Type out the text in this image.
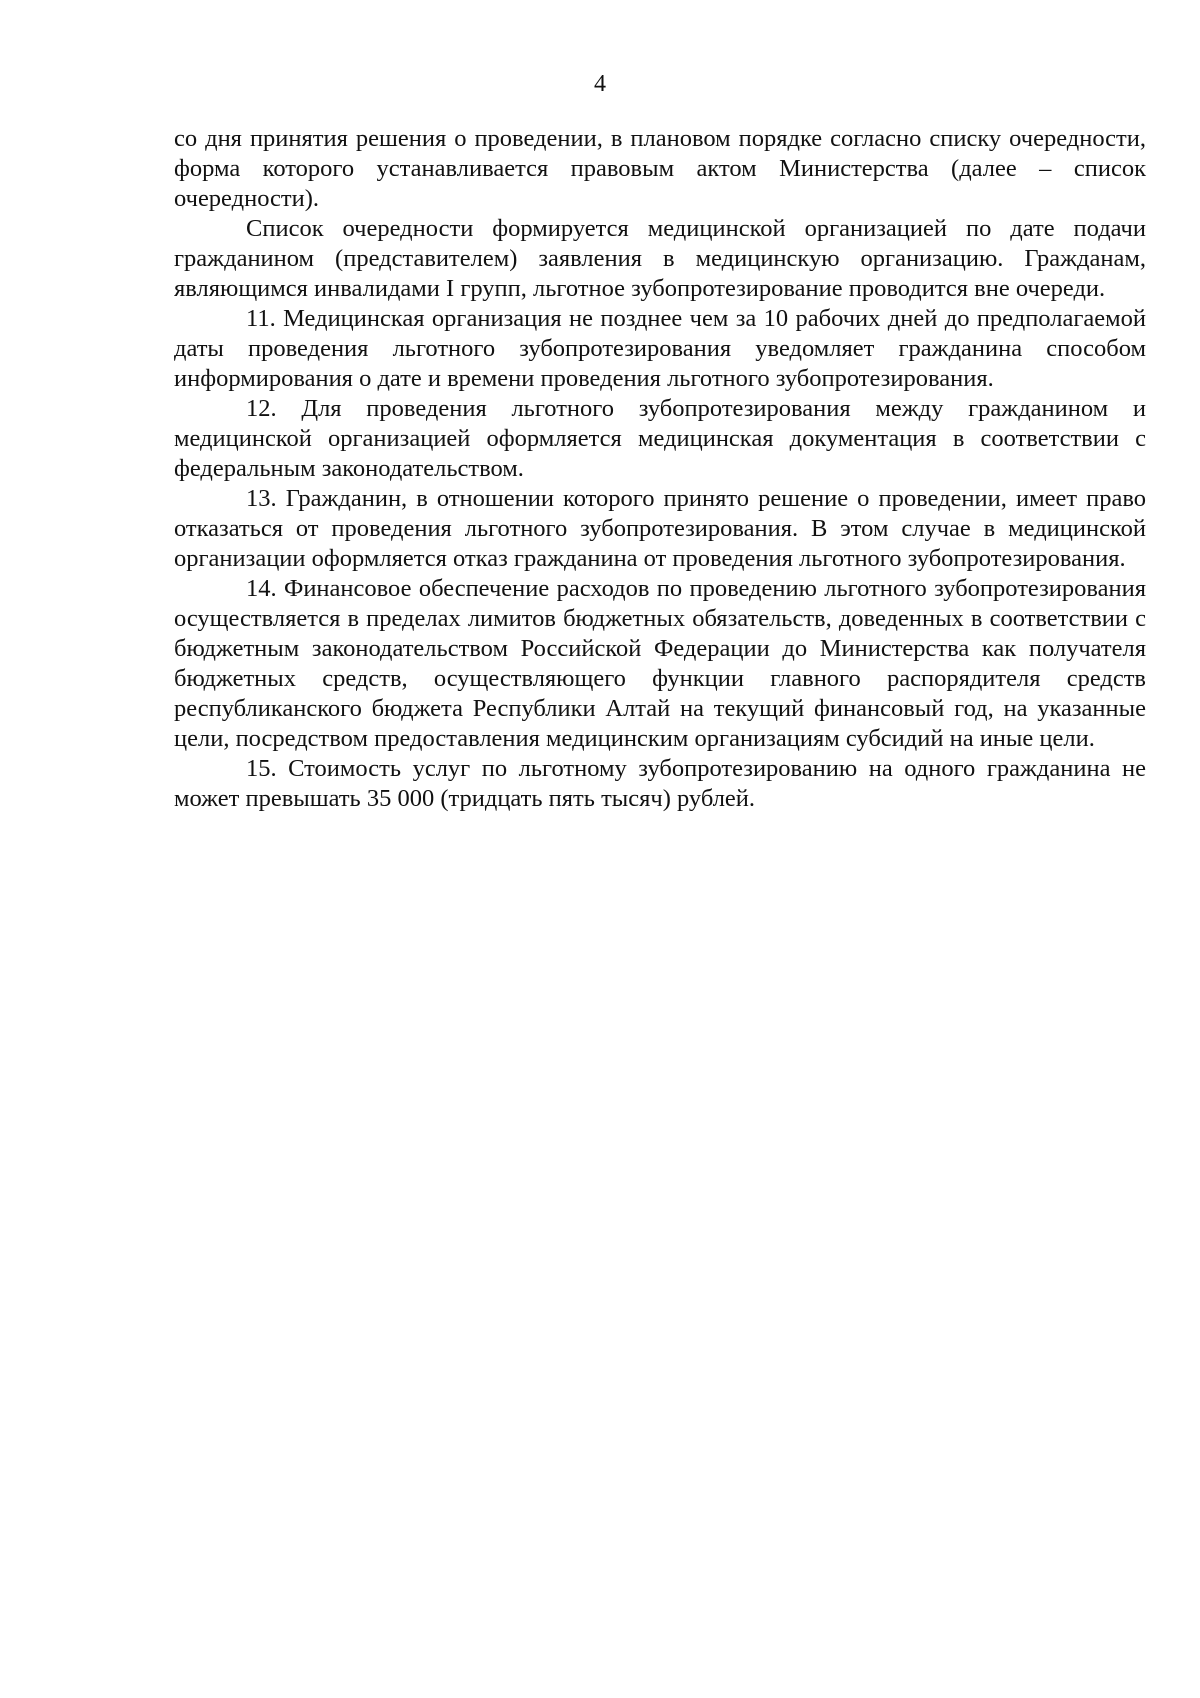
4

со дня принятия решения о проведении, в плановом порядке согласно списку очередности, форма которого устанавливается правовым актом Министерства (далее – список очередности).

Список очередности формируется медицинской организацией по дате подачи гражданином (представителем) заявления в медицинскую организацию. Гражданам, являющимся инвалидами I групп, льготное зубопротезирование проводится вне очереди.

11. Медицинская организация не позднее чем за 10 рабочих дней до предполагаемой даты проведения льготного зубопротезирования уведомляет гражданина способом информирования о дате и времени проведения льготного зубопротезирования.

12. Для проведения льготного зубопротезирования между гражданином и медицинской организацией оформляется медицинская документация в соответствии с федеральным законодательством.

13. Гражданин, в отношении которого принято решение о проведении, имеет право отказаться от проведения льготного зубопротезирования. В этом случае в медицинской организации оформляется отказ гражданина от проведения льготного зубопротезирования.

14. Финансовое обеспечение расходов по проведению льготного зубопротезирования осуществляется в пределах лимитов бюджетных обязательств, доведенных в соответствии с бюджетным законодательством Российской Федерации до Министерства как получателя бюджетных средств, осуществляющего функции главного распорядителя средств республиканского бюджета Республики Алтай на текущий финансовый год, на указанные цели, посредством предоставления медицинским организациям субсидий на иные цели.

15. Стоимость услуг по льготному зубопротезированию на одного гражданина не может превышать 35 000 (тридцать пять тысяч) рублей.
